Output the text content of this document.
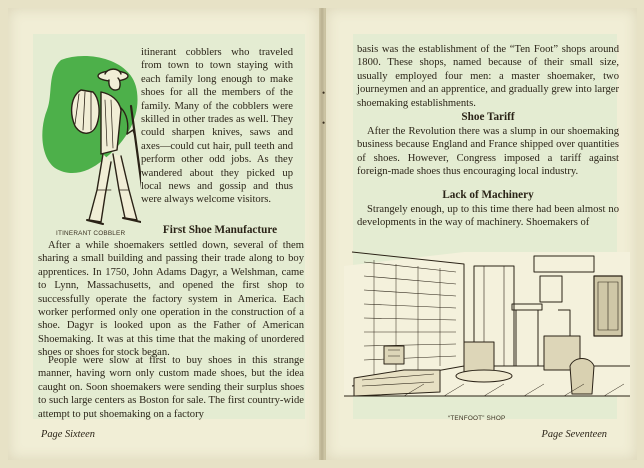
itinerant cobblers who traveled from town to town staying with each family long enough to make shoes for all the members of the family. Many of the cobblers were skilled in other trades as well. They could sharpen knives, saws and axes—could cut hair, pull teeth and perform other odd jobs. As they wandered about they picked up local news and gossip and thus were always welcome visitors.
ITINERANT COBBLER	First Shoe Manufacture

After a while shoemakers settled down, several of them sharing a small building and passing their trade along to boy apprentices. In 1750, John Adams Dagyr, a Welshman, came to Lynn, Massachusetts, and opened the first shop to successfully operate the factory system in America. Each worker performed only one operation in the construction of a shoe. Dagyr is looked upon as the Father of American Shoemaking. It was at this time that the making of unordered shoes or shoes for stock began.

People were slow at first to buy shoes in this strange manner, having worn only custom made shoes, but the idea caught on. Soon shoemakers were sending their surplus shoes to such large centers as Boston for sale. The first country-wide attempt to put shoemaking on a factory

Page Sixteen
•
•

basis was the establishment of the “Ten Foot” shops around 1800. These shops, named because of their small size, usually employed four men: a master shoemaker, two journeymen and an apprentice, and gradually grew into larger shoemaking establishments.

Shoe Tariff

After the Revolution there was a slump in our shoemaking business because England and France shipped over quantities of shoes. However, Congress imposed a tariff against foreign-made shoes thus encouraging local industry.

Lack of Machinery

Strangely enough, up to this time there had been almost no developments in the way of machinery. Shoemakers of

“TENFOOT” SHOP
Page Seventeen
